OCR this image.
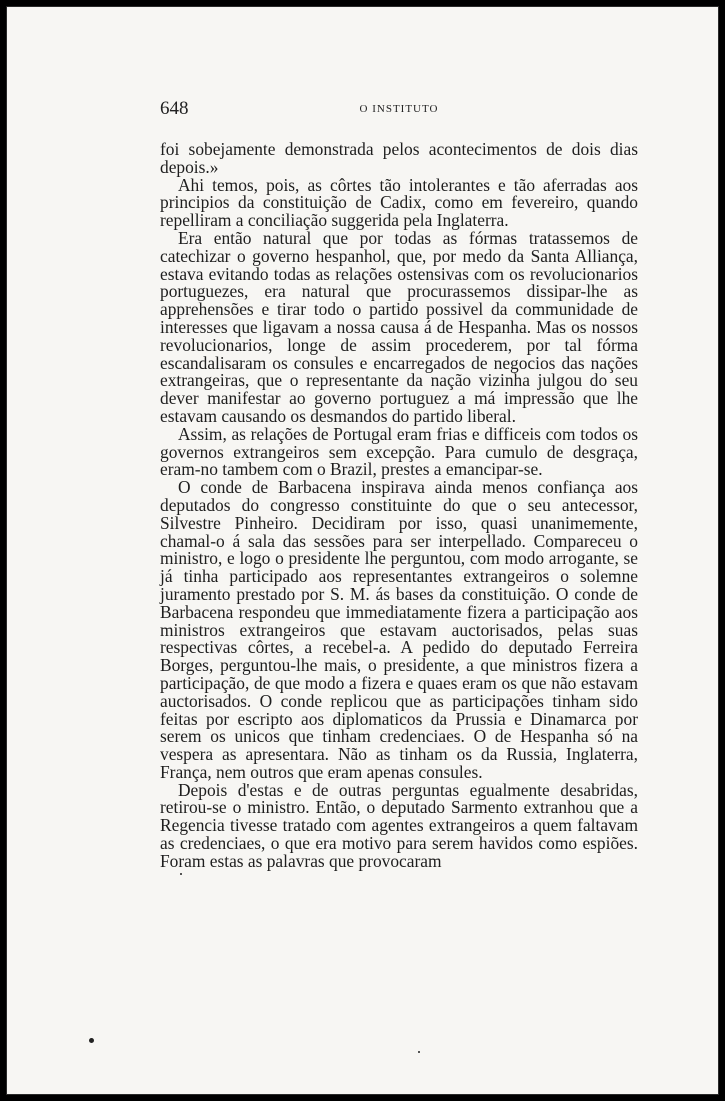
648	O INSTITUTO

foi sobejamente demonstrada pelos acontecimentos de dois dias depois.»

Ahi temos, pois, as côrtes tão intolerantes e tão aferradas aos principios da constituição de Cadix, como em fevereiro, quando repelliram a conciliação suggerida pela Inglaterra.

Era então natural que por todas as fórmas tratassemos de catechizar o governo hespanhol, que, por medo da Santa Alliança, estava evitando todas as relações ostensivas com os revolucionarios portuguezes, era natural que procurassemos dissipar-lhe as apprehensões e tirar todo o partido possivel da communidade de interesses que ligavam a nossa causa á de Hespanha. Mas os nossos revolucionarios, longe de assim procederem, por tal fórma escandalisaram os consules e encarregados de negocios das nações extrangeiras, que o representante da nação vizinha julgou do seu dever manifestar ao governo portuguez a má impressão que lhe estavam causando os desmandos do partido liberal.

Assim, as relações de Portugal eram frias e difficeis com todos os governos extrangeiros sem excepção. Para cumulo de desgraça, eram-no tambem com o Brazil, prestes a emancipar-se.

O conde de Barbacena inspirava ainda menos confiança aos deputados do congresso constituinte do que o seu antecessor, Silvestre Pinheiro. Decidiram por isso, quasi unanimemente, chamal-o á sala das sessões para ser interpellado. Compareceu o ministro, e logo o presidente lhe perguntou, com modo arrogante, se já tinha participado aos representantes extrangeiros o solemne juramento prestado por S. M. ás bases da constituição. O conde de Barbacena respondeu que immediatamente fizera a participação aos ministros extrangeiros que estavam auctorisados, pelas suas respectivas côrtes, a recebel-a. A pedido do deputado Ferreira Borges, perguntou-lhe mais, o presidente, a que ministros fizera a participação, de que modo a fizera e quaes eram os que não estavam auctorisados. O conde replicou que as participações tinham sido feitas por escripto aos diplomaticos da Prussia e Dinamarca por serem os unicos que tinham credenciaes. O de Hespanha só na vespera as apresentara. Não as tinham os da Russia, Inglaterra, França, nem outros que eram apenas consules.

Depois d'estas e de outras perguntas egualmente desabridas, retirou-se o ministro. Então, o deputado Sarmento extranhou que a Regencia tivesse tratado com agentes extrangeiros a quem faltavam as credenciaes, o que era motivo para serem havidos como espiões. Foram estas as palavras que provocaram
